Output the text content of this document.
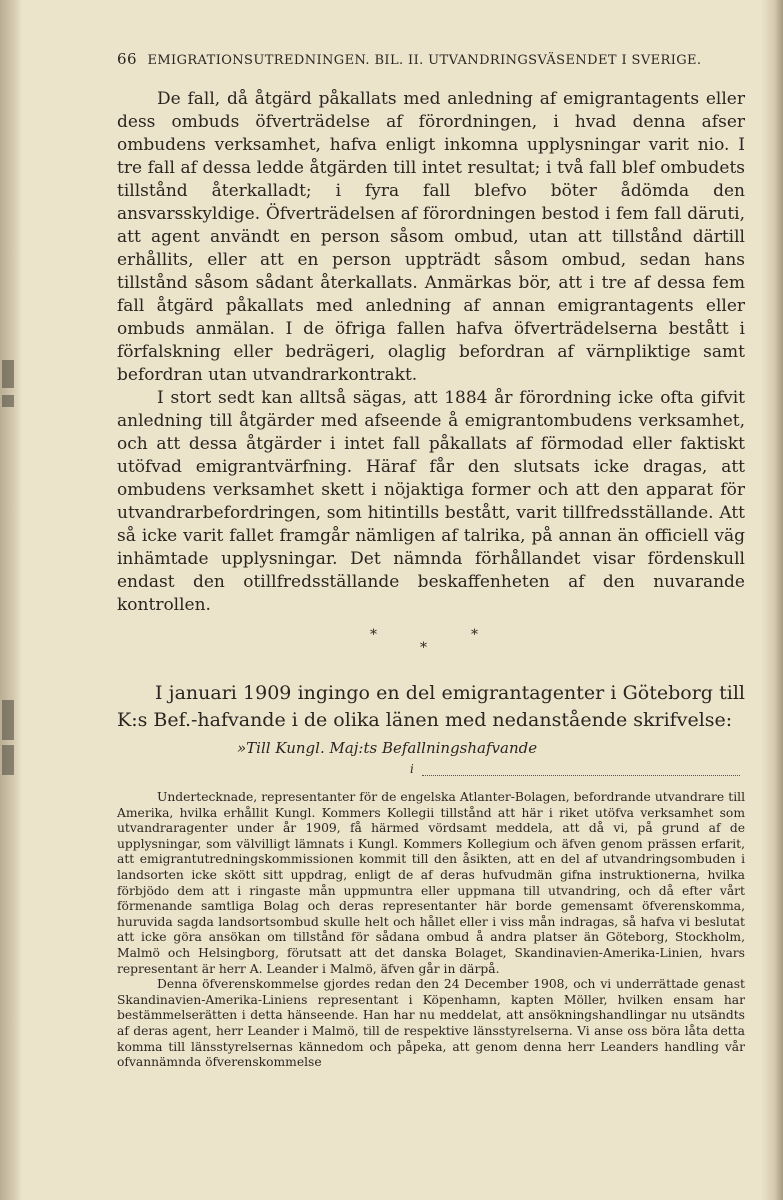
66 EMIGRATIONSUTREDNINGEN. BIL. II. UTVANDRINGSVÄSENDET I SVERIGE.

De fall, då åtgärd påkallats med anledning af emigrantagents eller dess ombuds öfverträdelse af förordningen, i hvad denna afser ombudens verksamhet, hafva enligt inkomna upplysningar varit nio. I tre fall af dessa ledde åtgärden till intet resultat; i två fall blef ombudets tillstånd återkalladt; i fyra fall blefvo böter ådömda den ansvarsskyldige. Öfverträdelsen af förordningen bestod i fem fall däruti, att agent användt en person såsom ombud, utan att tillstånd därtill erhållits, eller att en person uppträdt såsom ombud, sedan hans tillstånd såsom sådant återkallats. Anmärkas bör, att i tre af dessa fem fall åtgärd påkallats med anledning af annan emigrantagents eller ombuds anmälan. I de öfriga fallen hafva öfverträdelserna bestått i förfalskning eller bedrägeri, olaglig befordran af värnpliktige samt befordran utan utvandrarkontrakt.

I stort sedt kan alltså sägas, att 1884 år förordning icke ofta gifvit anledning till åtgärder med afseende å emigrantombudens verksamhet, och att dessa åtgärder i intet fall påkallats af förmodad eller faktiskt utöfvad emigrantvärfning. Häraf får den slutsats icke dragas, att ombudens verksamhet skett i nöjaktiga former och att den apparat för utvandrarbefordringen, som hitintills bestått, varit tillfredsställande. Att så icke varit fallet framgår nämligen af talrika, på annan än officiell väg inhämtade upplysningar. Det nämnda förhållandet visar fördenskull endast den otillfredsställande beskaffenheten af den nuvarande kontrollen.

*	*
*

I januari 1909 ingingo en del emigrantagenter i Göteborg till K:s Bef.-hafvande i de olika länen med nedanstående skrifvelse:

»Till Kungl. Maj:ts Befallningshafvande
i

Undertecknade, representanter för de engelska Atlanter-Bolagen, befordrande utvandrare till Amerika, hvilka erhållit Kungl. Kommers Kollegii tillstånd att här i riket utöfva verksamhet som utvandraragenter under år 1909, få härmed vördsamt meddela, att då vi, på grund af de upplysningar, som välvilligt lämnats i Kungl. Kommers Kollegium och äfven genom prässen erfarit, att emigrantutredningskommissionen kommit till den åsikten, att en del af utvandringsombuden i landsorten icke skött sitt uppdrag, enligt de af deras hufvudmän gifna instruktionerna, hvilka förbjödo dem att i ringaste mån uppmuntra eller uppmana till utvandring, och då efter vårt förmenande samtliga Bolag och deras representanter här borde gemensamt öfverenskomma, huruvida sagda landsortsombud skulle helt och hållet eller i viss mån indragas, så hafva vi beslutat att icke göra ansökan om tillstånd för sådana ombud å andra platser än Göteborg, Stockholm, Malmö och Helsingborg, förutsatt att det danska Bolaget, Skandinavien-Amerika-Linien, hvars representant är herr A. Leander i Malmö, äfven går in därpå.

Denna öfverenskommelse gjordes redan den 24 December 1908, och vi underrättade genast Skandinavien-Amerika-Liniens representant i Köpenhamn, kapten Möller, hvilken ensam har bestämmelserätten i detta hänseende. Han har nu meddelat, att ansökningshandlingar nu utsändts af deras agent, herr Leander i Malmö, till de respektive länsstyrelserna. Vi anse oss böra låta detta komma till länsstyrelsernas kännedom och påpeka, att genom denna herr Leanders handling vår ofvannämnda öfverenskommelse
